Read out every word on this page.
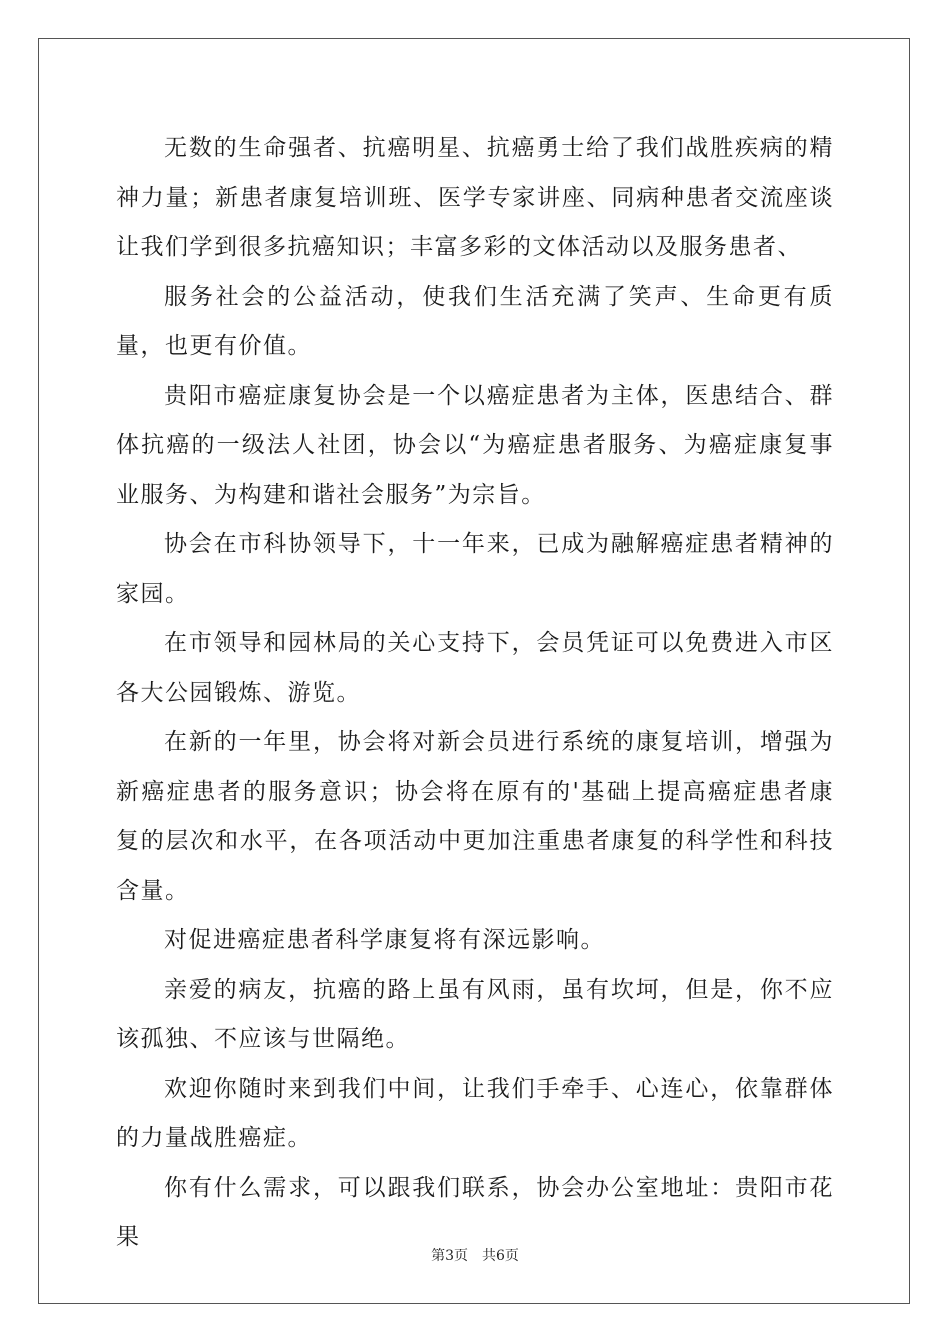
无数的生命强者、抗癌明星、抗癌勇士给了我们战胜疾病的精神力量；新患者康复培训班、医学专家讲座、同病种患者交流座谈让我们学到很多抗癌知识；丰富多彩的文体活动以及服务患者、

服务社会的公益活动，使我们生活充满了笑声、生命更有质量，也更有价值。

贵阳市癌症康复协会是一个以癌症患者为主体，医患结合、群体抗癌的一级法人社团，协会以“为癌症患者服务、为癌症康复事业服务、为构建和谐社会服务”为宗旨。

协会在市科协领导下，十一年来，已成为融解癌症患者精神的家园。

在市领导和园林局的关心支持下，会员凭证可以免费进入市区各大公园锻炼、游览。

在新的一年里，协会将对新会员进行系统的康复培训，增强为新癌症患者的服务意识；协会将在原有的'基础上提高癌症患者康复的层次和水平，在各项活动中更加注重患者康复的科学性和科技含量。

对促进癌症患者科学康复将有深远影响。

亲爱的病友，抗癌的路上虽有风雨，虽有坎坷，但是，你不应该孤独、不应该与世隔绝。

欢迎你随时来到我们中间，让我们手牵手、心连心，依靠群体的力量战胜癌症。

你有什么需求，可以跟我们联系，协会办公室地址：贵阳市花果

第3页 共6页
